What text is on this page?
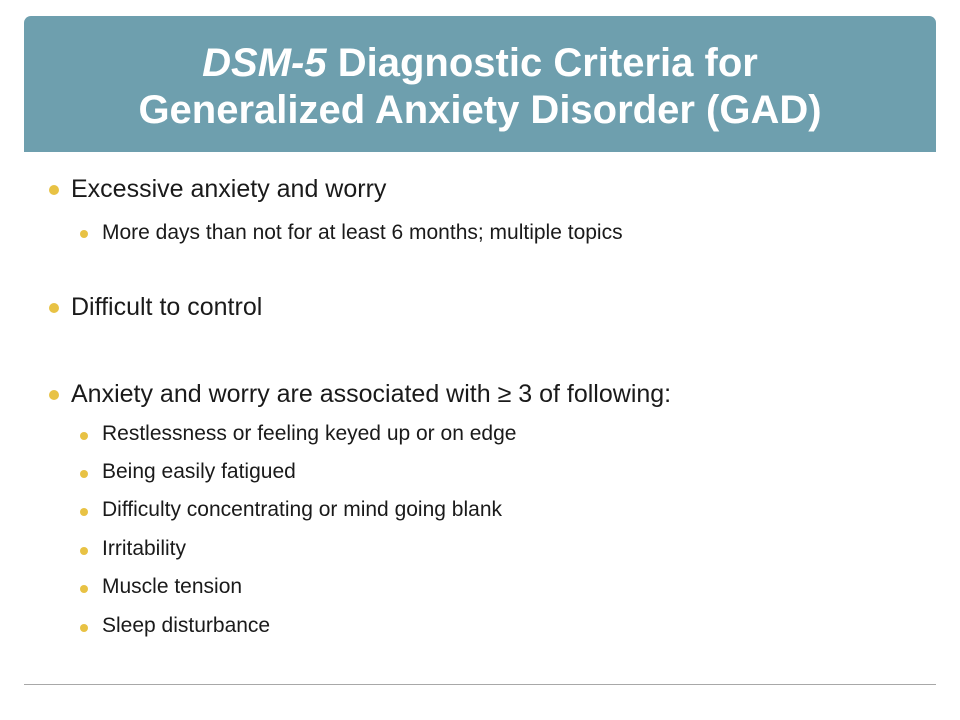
DSM-5 Diagnostic Criteria for
Generalized Anxiety Disorder (GAD)

Excessive anxiety and worry

More days than not for at least 6 months; multiple topics

Difficult to control

Anxiety and worry are associated with ≥ 3 of following:

Restlessness or feeling keyed up or on edge

Being easily fatigued

Difficulty concentrating or mind going blank

Irritability

Muscle tension

Sleep disturbance
